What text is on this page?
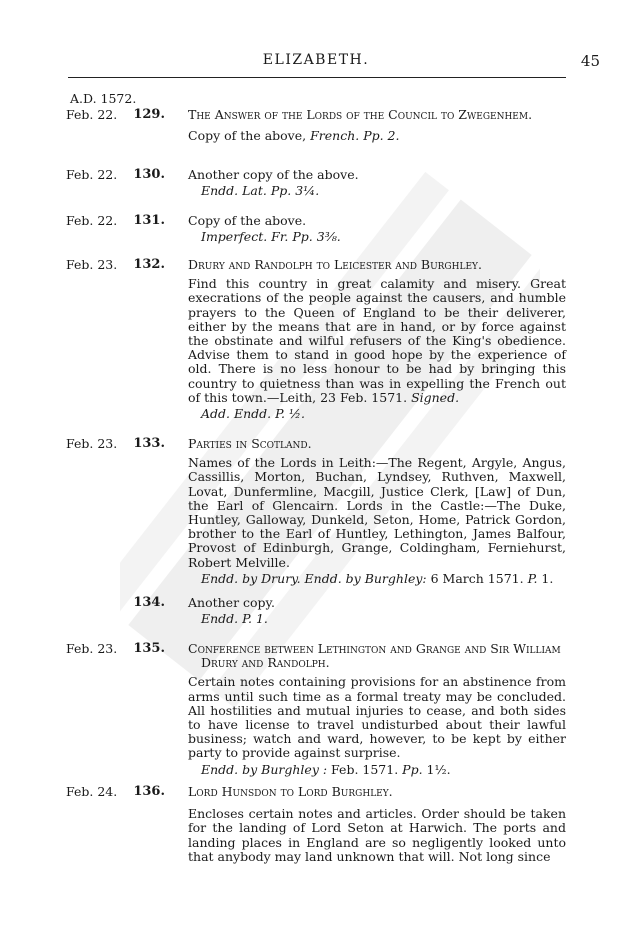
ELIZABETH.	45
A.D. 1572.
Feb. 22.	129. The Answer of the Lords of the Council to Zwegenhem.
Copy of the above, French. Pp. 2.
Feb. 22.	130. Another copy of the above.
Endd. Lat. Pp. 3¼.
Feb. 22.	131. Copy of the above.
Imperfect. Fr. Pp. 3⅜.
Feb. 23.	132. Drury and Randolph to Leicester and Burghley.
Find this country in great calamity and misery. Great execrations of the people against the causers, and humble prayers to the Queen of England to be their deliverer, either by the means that are in hand, or by force against the obstinate and wilful refusers of the King's obedience. Advise them to stand in good hope by the experience of old. There is no less honour to be had by bringing this country to quietness than was in expelling the French out of this town.—Leith, 23 Feb. 1571. Signed.
Add. Endd. P. ½.
Feb. 23.	133. Parties in Scotland.
Names of the Lords in Leith:—The Regent, Argyle, Angus, Cassillis, Morton, Buchan, Lyndsey, Ruthven, Maxwell, Lovat, Dunfermline, Macgill, Justice Clerk, [Law] of Dun, the Earl of Glencairn. Lords in the Castle:—The Duke, Huntley, Galloway, Dunkeld, Seton, Home, Patrick Gordon, brother to the Earl of Huntley, Lethington, James Balfour, Provost of Edinburgh, Grange, Coldingham, Ferniehurst, Robert Melville.
Endd. by Drury. Endd. by Burghley: 6 March 1571. P. 1.
134. Another copy.
Endd. P. 1.
Feb. 23.	135. Conference between Lethington and Grange and Sir William Drury and Randolph.
Certain notes containing provisions for an abstinence from arms until such time as a formal treaty may be concluded. All hostilities and mutual injuries to cease, and both sides to have license to travel undisturbed about their lawful business; watch and ward, however, to be kept by either party to provide against surprise.
Endd. by Burghley : Feb. 1571. Pp. 1½.
Feb. 24.	136. Lord Hunsdon to Lord Burghley.
Encloses certain notes and articles. Order should be taken for the landing of Lord Seton at Harwich. The ports and landing places in England are so negligently looked unto that anybody may land unknown that will. Not long since
